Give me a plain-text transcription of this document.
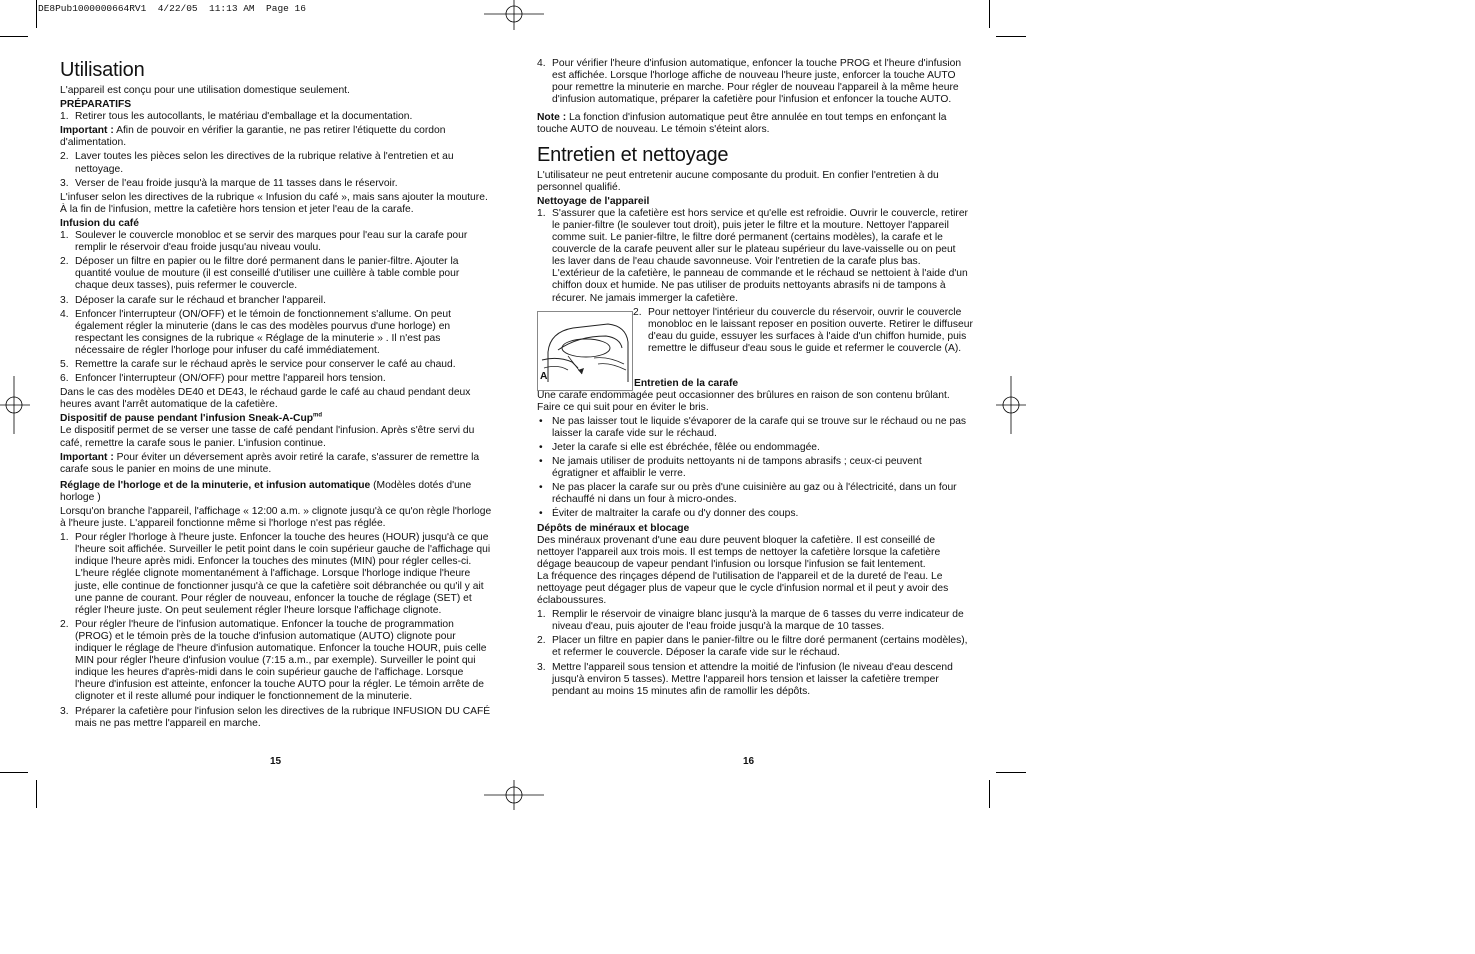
DE8Pub1000000664RV1  4/22/05  11:13 AM  Page 16
Utilisation

L'appareil est conçu pour une utilisation domestique seulement.

PRÉPARATIFS
1. Retirer tous les autocollants, le matériau d'emballage et la documentation.

Important : Afin de pouvoir en vérifier la garantie, ne pas retirer l'étiquette du cordon d'alimentation.

2. Laver toutes les pièces selon les directives de la rubrique relative à l'entretien et au nettoyage.
3. Verser de l'eau froide jusqu'à la marque de 11 tasses dans le réservoir.

L'infuser selon les directives de la rubrique « Infusion du café », mais sans ajouter la mouture. À la fin de l'infusion, mettre la cafetière hors tension et jeter l'eau de la carafe.

Infusion du café
1. Soulever le couvercle monobloc et se servir des marques pour l'eau sur la carafe pour remplir le réservoir d'eau froide jusqu'au niveau voulu.
2. Déposer un filtre en papier ou le filtre doré permanent dans le panier-filtre. Ajouter la quantité voulue de mouture (il est conseillé d'utiliser une cuillère à table comble pour chaque deux tasses), puis refermer le couvercle.
3. Déposer la carafe sur le réchaud et brancher l'appareil.
4. Enfoncer l'interrupteur (ON/OFF) et le témoin de fonctionnement s'allume. On peut également régler la minuterie (dans le cas des modèles pourvus d'une horloge) en respectant les consignes de la rubrique « Réglage de la minuterie » . Il n'est pas nécessaire de régler l'horloge pour infuser du café immédiatement.
5. Remettre la carafe sur le réchaud après le service pour conserver le café au chaud.
6. Enfoncer l'interrupteur (ON/OFF) pour mettre l'appareil hors tension.

Dans le cas des modèles DE40 et DE43, le réchaud garde le café au chaud pendant deux heures avant l'arrêt automatique de la cafetière.

Dispositif de pause pendant l'infusion Sneak-A-Cup$^{md}$

Le dispositif permet de se verser une tasse de café pendant l'infusion. Après s'être servi du café, remettre la carafe sous le panier. L'infusion continue.

Important : Pour éviter un déversement après avoir retiré la carafe, s'assurer de remettre la carafe sous le panier en moins de une minute.

Réglage de l'horloge et de la minuterie, et infusion automatique (Modèles dotés d'une horloge )

Lorsqu'on branche l'appareil, l'affichage « 12:00 a.m. » clignote jusqu'à ce qu'on règle l'horloge à l'heure juste. L'appareil fonctionne même si l'horloge n'est pas réglée.

1. Pour régler l'horloge à l'heure juste. Enfoncer la touche des heures (HOUR) jusqu'à ce que l'heure soit affichée. Surveiller le petit point dans le coin supérieur gauche de l'affichage qui indique l'heure après midi. Enfoncer la touches des minutes (MIN) pour régler celles-ci. L'heure réglée clignote momentanément à l'affichage. Lorsque l'horloge indique l'heure juste, elle continue de fonctionner jusqu'à ce que la cafetière soit débranchée ou qu'il y ait une panne de courant. Pour régler de nouveau, enfoncer la touche de réglage (SET) et régler l'heure juste. On peut seulement régler l'heure lorsque l'affichage clignote.
2. Pour régler l'heure de l'infusion automatique. Enfoncer la touche de programmation (PROG) et le témoin près de la touche d'infusion automatique (AUTO) clignote pour indiquer le réglage de l'heure d'infusion automatique. Enfoncer la touche HOUR, puis celle MIN pour régler l'heure d'infusion voulue (7:15 a.m., par exemple). Surveiller le point qui indique les heures d'après-midi dans le coin supérieur gauche de l'affichage. Lorsque l'heure d'infusion est atteinte, enfoncer la touche AUTO pour la régler. Le témoin arrête de clignoter et il reste allumé pour indiquer le fonctionnement de la minuterie.
3. Préparer la cafetière pour l'infusion selon les directives de la rubrique INFUSION DU CAFÉ mais ne pas mettre l'appareil en marche.
15
4. Pour vérifier l'heure d'infusion automatique, enfoncer la touche PROG et l'heure d'infusion est affichée. Lorsque l'horloge affiche de nouveau l'heure juste, enforcer la touche AUTO pour remettre la minuterie en marche. Pour régler de nouveau l'appareil à la même heure d'infusion automatique, préparer la cafetière pour l'infusion et enfoncer la touche AUTO.

Note : La fonction d'infusion automatique peut être annulée en tout temps en enfonçant la touche AUTO de nouveau. Le témoin s'éteint alors.

Entretien et nettoyage

L'utilisateur ne peut entretenir aucune composante du produit. En confier l'entretien à du personnel qualifié.

Nettoyage de l'appareil
1. S'assurer que la cafetière est hors service et qu'elle est refroidie. Ouvrir le couvercle, retirer le panier-filtre (le soulever tout droit), puis jeter le filtre et la mouture. Nettoyer l'appareil comme suit. Le panier-filtre, le filtre doré permanent (certains modèles), la carafe et le couvercle de la carafe peuvent aller sur le plateau supérieur du lave-vaisselle ou on peut les laver dans de l'eau chaude savonneuse. Voir l'entretien de la carafe plus bas. L'extérieur de la cafetière, le panneau de commande et le réchaud se nettoient à l'aide d'un chiffon doux et humide. Ne pas utiliser de produits nettoyants abrasifs ni de tampons à récurer. Ne jamais immerger la cafetière.
A
2. Pour nettoyer l'intérieur du couvercle du réservoir, ouvrir le couvercle monobloc en le laissant reposer en position ouverte. Retirer le diffuseur d'eau du guide, essuyer les surfaces à l'aide d'un chiffon humide, puis remettre le diffuseur d'eau sous le guide et refermer le couvercle (A).
Entretien de la carafe

Une carafe endommagée peut occasionner des brûlures en raison de son contenu brûlant. Faire ce qui suit pour en éviter le bris.

• Ne pas laisser tout le liquide s'évaporer de la carafe qui se trouve sur le réchaud ou ne pas laisser la carafe vide sur le réchaud.
• Jeter la carafe si elle est ébréchée, fêlée ou endommagée.
• Ne jamais utiliser de produits nettoyants ni de tampons abrasifs ; ceux-ci peuvent égratigner et affaiblir le verre.
• Ne pas placer la carafe sur ou près d'une cuisinière au gaz ou à l'électricité, dans un four réchauffé ni dans un four à micro-ondes.
• Éviter de maltraiter la carafe ou d'y donner des coups.
Dépôts de minéraux et blocage

Des minéraux provenant d'une eau dure peuvent bloquer la cafetière. Il est conseillé de nettoyer l'appareil aux trois mois. Il est temps de nettoyer la cafetière lorsque la cafetière dégage beaucoup de vapeur pendant l'infusion ou lorsque l'infusion se fait lentement.

La fréquence des rinçages dépend de l'utilisation de l'appareil et de la dureté de l'eau. Le nettoyage peut dégager plus de vapeur que le cycle d'infusion normal et il peut y avoir des éclaboussures.

1. Remplir le réservoir de vinaigre blanc jusqu'à la marque de 6 tasses du verre indicateur de niveau d'eau, puis ajouter de l'eau froide jusqu'à la marque de 10 tasses.
2. Placer un filtre en papier dans le panier-filtre ou le filtre doré permanent (certains modèles), et refermer le couvercle. Déposer la carafe vide sur le réchaud.
3. Mettre l'appareil sous tension et attendre la moitié de l'infusion (le niveau d'eau descend jusqu'à environ 5 tasses). Mettre l'appareil hors tension et laisser la cafetière tremper pendant au moins 15 minutes afin de ramollir les dépôts.
16
